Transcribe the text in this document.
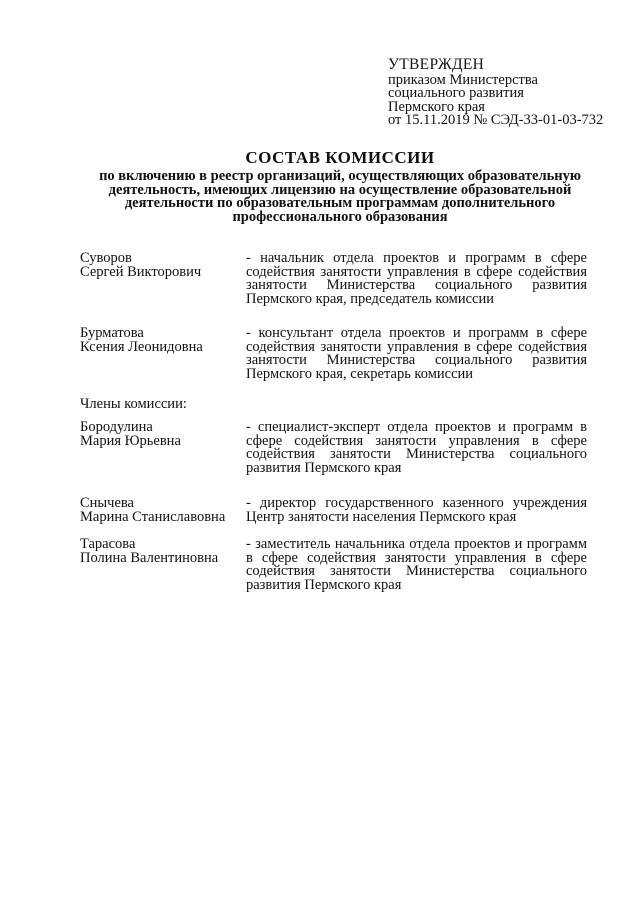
УТВЕРЖДЕН
приказом Министерства
социального развития
Пермского края
от 15.11.2019 № СЭД-33-01-03-732
СОСТАВ КОМИССИИ
по включению в реестр организаций, осуществляющих образовательную деятельность, имеющих лицензию на осуществление образовательной деятельности по образовательным программам дополнительного профессионального образования
Суворов
Сергей Викторович
- начальник отдела проектов и программ в сфере содействия занятости управления в сфере содействия занятости Министерства социального развития Пермского края, председатель комиссии
Бурматова
Ксения Леонидовна
- консультант отдела проектов и программ в сфере содействия занятости управления в сфере содействия занятости Министерства социального развития Пермского края, секретарь комиссии
Бородулина
Мария Юрьевна
- специалист-эксперт отдела проектов и программ в сфере содействия занятости управления в сфере содействия занятости Министерства социального развития Пермского края
Снычева
Марина Станиславовна
- директор государственного казенного учреждения Центр занятости населения Пермского края
Тарасова
Полина Валентиновна
- заместитель начальника отдела проектов и программ в сфере содействия занятости управления в сфере содействия занятости Министерства социального развития Пермского края
Члены комиссии:
